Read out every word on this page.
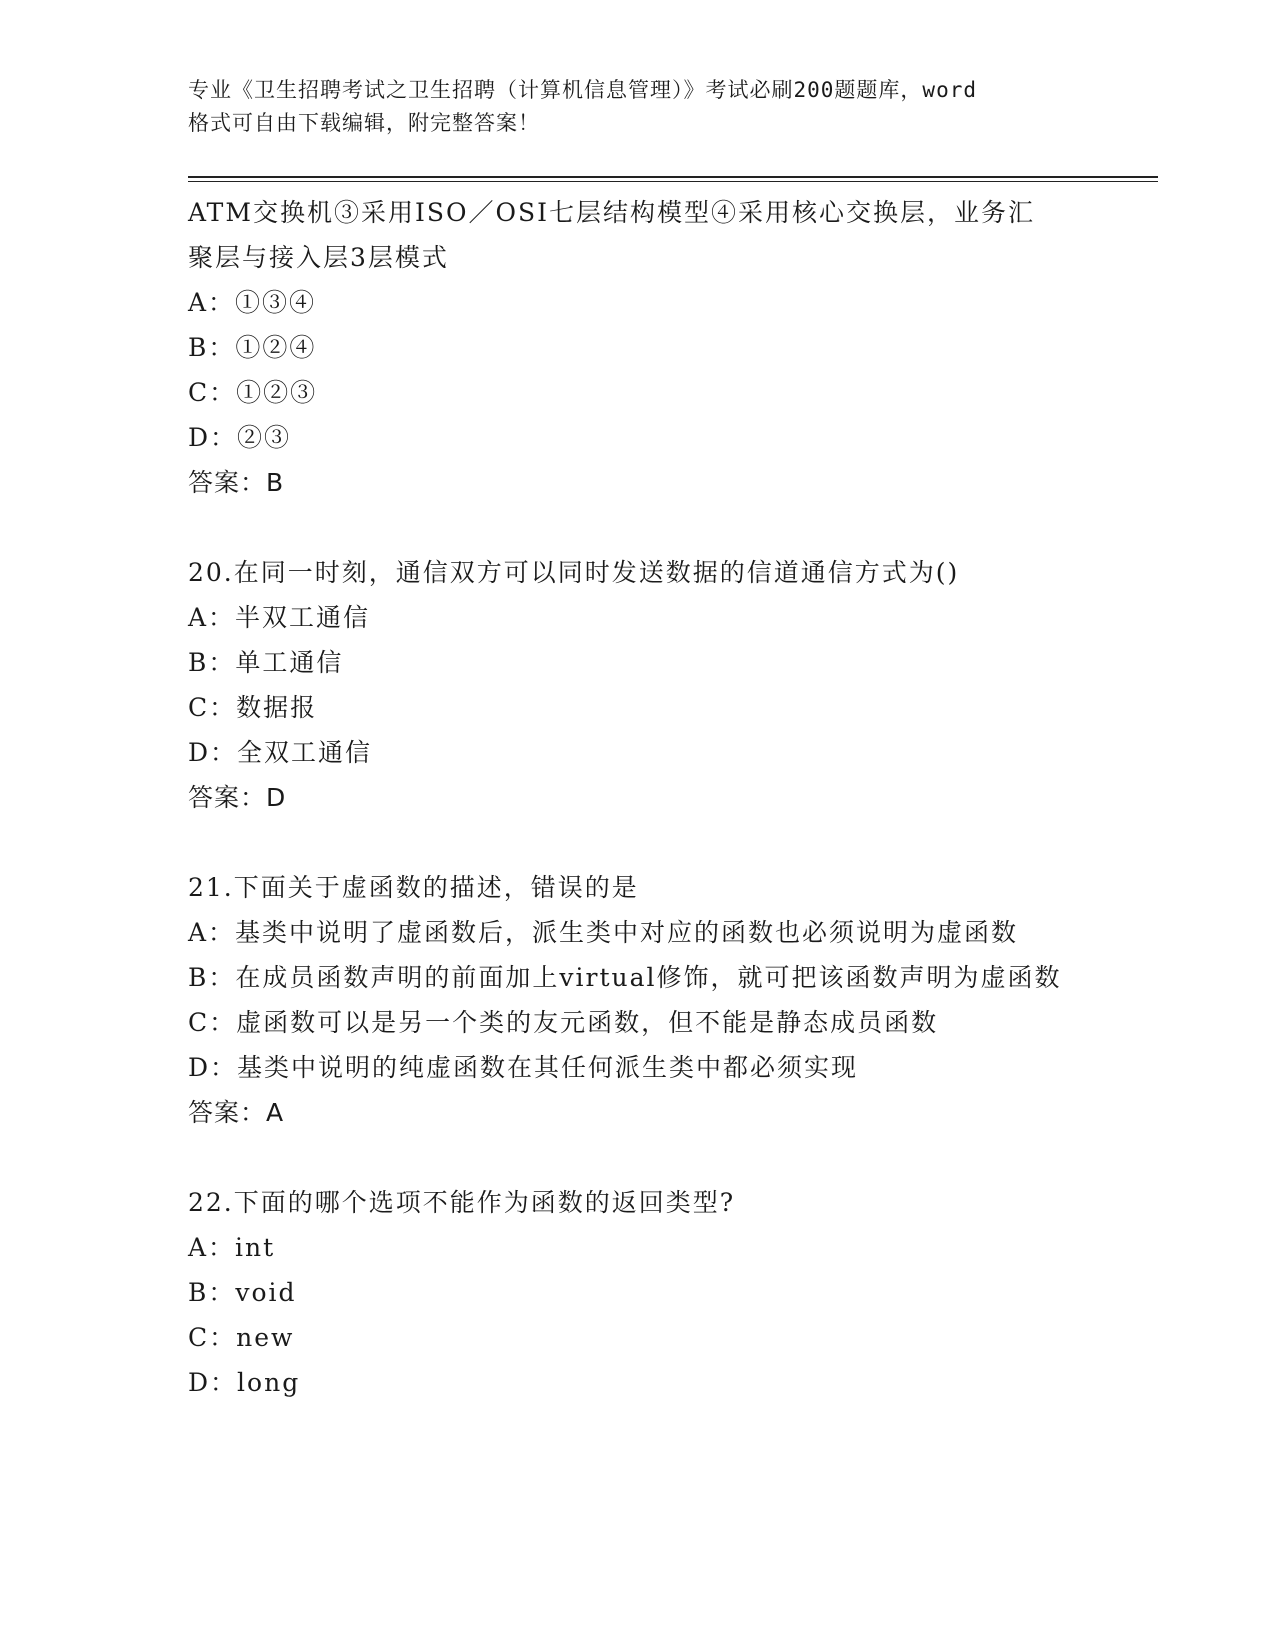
专业《卫生招聘考试之卫生招聘（计算机信息管理）》考试必刷200题题库，word
格式可自由下载编辑，附完整答案！

ATM交换机③采用ISO／OSI七层结构模型④采用核心交换层，业务汇

聚层与接入层3层模式

A：①③④

B：①②④

C：①②③

D：②③

答案：B

20.在同一时刻，通信双方可以同时发送数据的信道通信方式为()

A：半双工通信

B：单工通信

C：数据报

D：全双工通信

答案：D

21.下面关于虚函数的描述，错误的是

A：基类中说明了虚函数后，派生类中对应的函数也必须说明为虚函数

B：在成员函数声明的前面加上virtual修饰，就可把该函数声明为虚函数

C：虚函数可以是另一个类的友元函数，但不能是静态成员函数

D：基类中说明的纯虚函数在其任何派生类中都必须实现

答案：A

22.下面的哪个选项不能作为函数的返回类型?

A：int

B：void

C：new

D：long
